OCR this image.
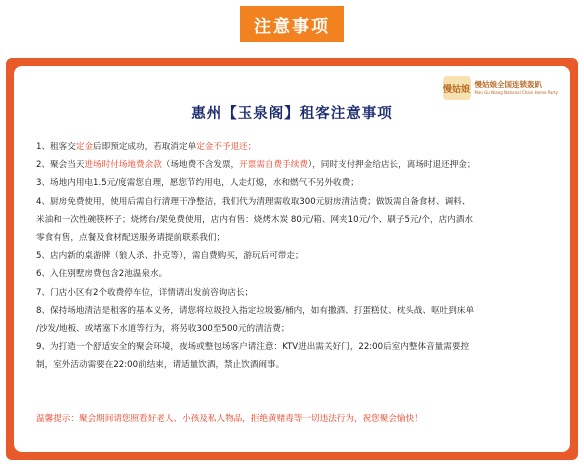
注意事项
慢姑娘 慢姑娘全国连锁轰趴
Man Gu Niang National Chain Home Party
惠州【玉泉阁】租客注意事项
1、租客交定金后即预定成功，若取消定单定金不予退还；
2、聚会当天进场时付场地费余款（场地费不含发票，开票需自费手续费），同时支付押金给店长，离场时退还押金；
3、场地内用电1.5元/度需您自理，愿您节约用电，人走灯熄，水和燃气不另外收费；
4、厨房免费使用，使用后需自行清理干净整洁，我们代为清理需收取300元厨房清洁费；做饭需自备食材、调料、
米油和一次性碗筷杯子；烧烤台/架免费使用，店内有售：烧烤木炭 80元/箱、网夹10元/个、刷子5元/个，店内酒水
零食有售，点餐及食材配送服务请提前联系我们；
5、店内新的桌游牌（狼人杀、扑克等），需自费购买，游玩后可带走；
6、入住别墅房费包含2池温泉水。
7、门店小区有2个收费停车位，详情请出发前咨询店长；
8、保持场地清洁是租客的基本义务，请您将垃圾投入指定垃圾篓/桶内，如有撒酒、打蛋糕仗、枕头战、呕吐到床单
/沙发/地板、或堵塞下水道等行为，将另收300至500元的清洁费；
9、为打造一个舒适安全的聚会环境，夜场或整包场客户请注意：KTV进出需关好门，22:00后室内整体音量需要控
制，室外活动需要在22:00前结束，请适量饮酒，禁止饮酒闹事。
温馨提示：聚会期间请您照看好老人、小孩及私人物品，拒绝黄赌毒等一切违法行为，祝您聚会愉快！
